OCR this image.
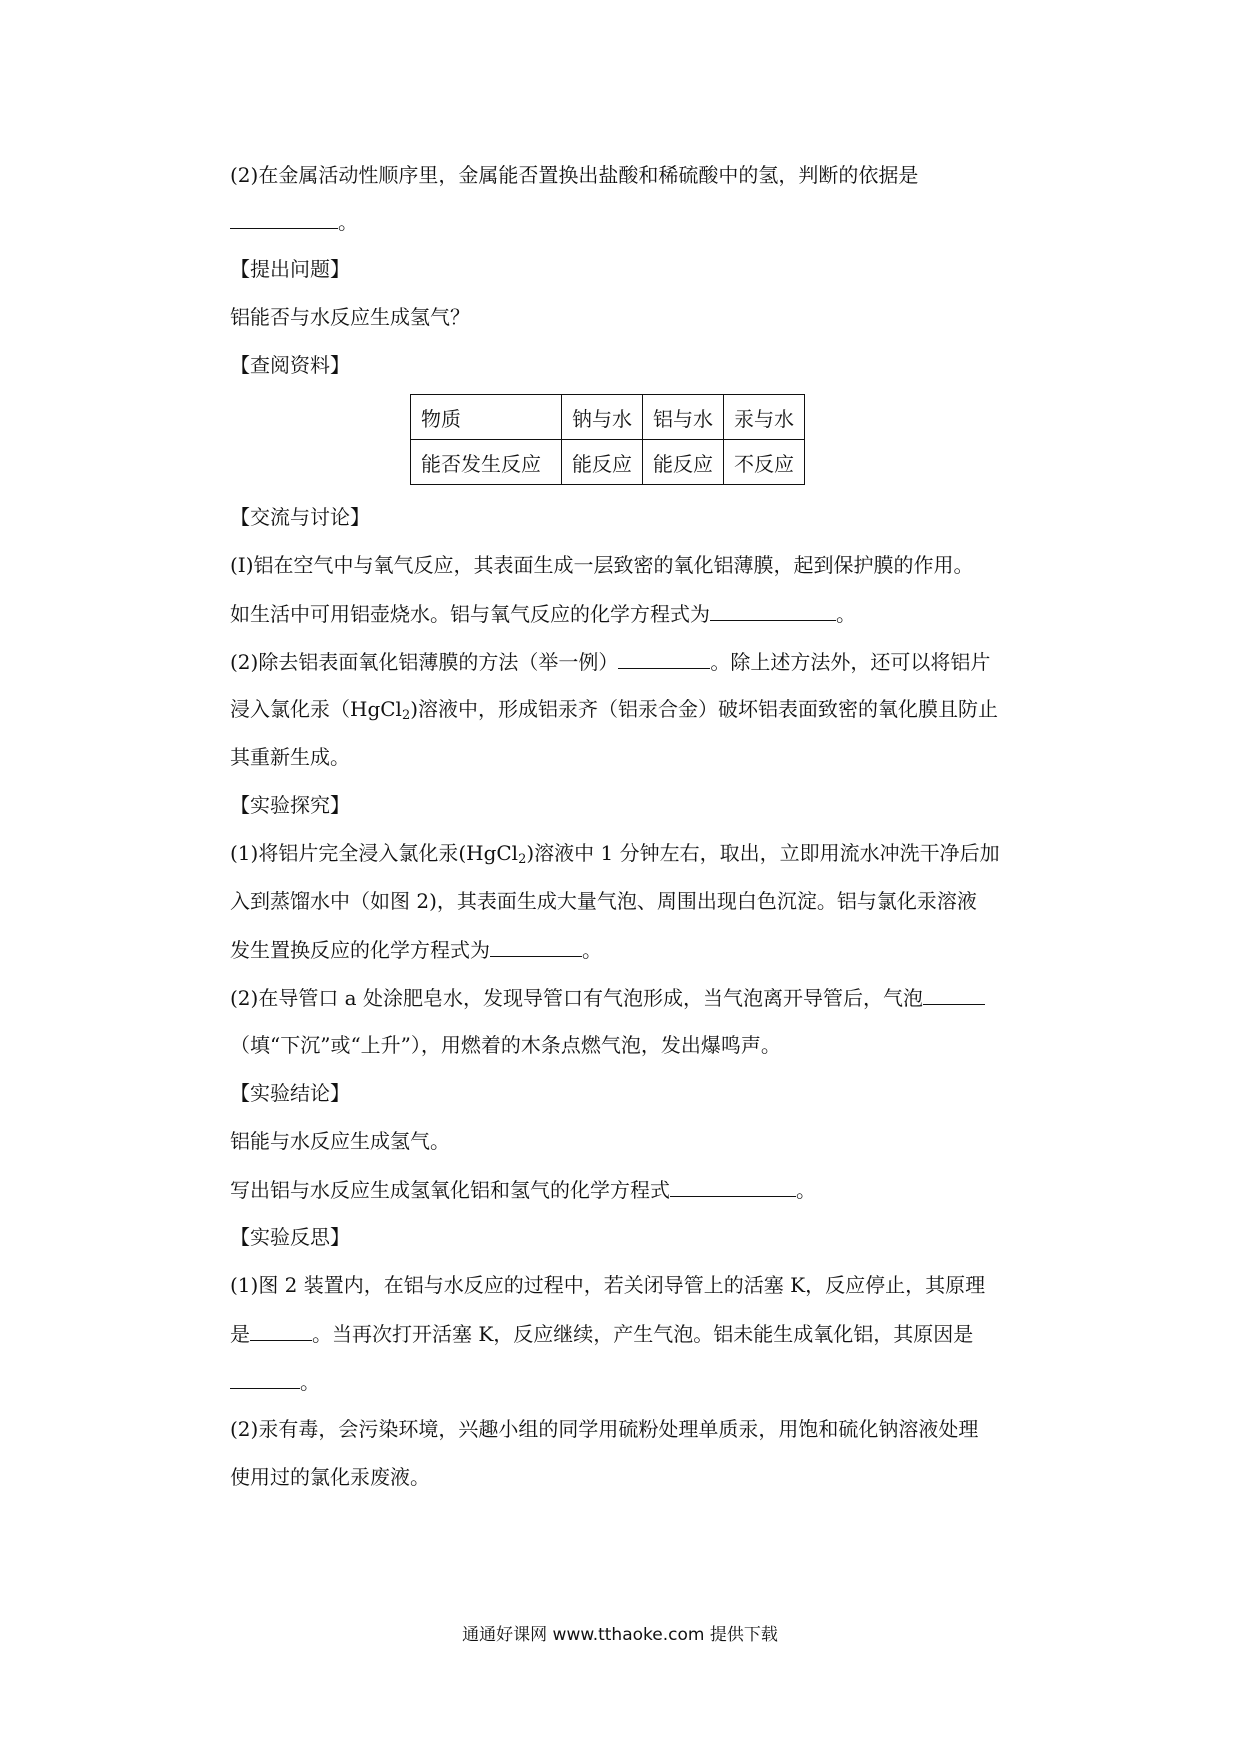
(2)在金属活动性顺序里，金属能否置换出盐酸和稀硫酸中的氢，判断的依据是
。
【提出问题】
铝能否与水反应生成氢气？
【查阅资料】
物质	钠与水	铝与水	汞与水
能否发生反应	能反应	能反应	不反应
【交流与讨论】
(I)铝在空气中与氧气反应，其表面生成一层致密的氧化铝薄膜，起到保护膜的作用。
如生活中可用铝壶烧水。铝与氧气反应的化学方程式为	。
(2)除去铝表面氧化铝薄膜的方法（举一例）	。除上述方法外，还可以将铝片
浸入氯化汞（HgCl$_2$)溶液中，形成铝汞齐（铝汞合金）破坏铝表面致密的氧化膜且防止
其重新生成。
【实验探究】
(1)将铝片完全浸入氯化汞(HgCl$_2$)溶液中 1 分钟左右，取出，立即用流水冲洗干净后加
入到蒸馏水中（如图 2)，其表面生成大量气泡、周围出现白色沉淀。铝与氯化汞溶液
发生置换反应的化学方程式为	。
(2)在导管口 a 处涂肥皂水，发现导管口有气泡形成，当气泡离开导管后，气泡
（填“下沉”或“上升”），用燃着的木条点燃气泡，发出爆鸣声。
【实验结论】
铝能与水反应生成氢气。
写出铝与水反应生成氢氧化铝和氢气的化学方程式	。
【实验反思】
(1)图 2 装置内，在铝与水反应的过程中，若关闭导管上的活塞 K，反应停止，其原理
是	。当再次打开活塞 K，反应继续，产生气泡。铝未能生成氧化铝，其原因是
。
(2)汞有毒，会污染环境，兴趣小组的同学用硫粉处理单质汞，用饱和硫化钠溶液处理
使用过的氯化汞废液。
通通好课网 www.tthaoke.com 提供下载
